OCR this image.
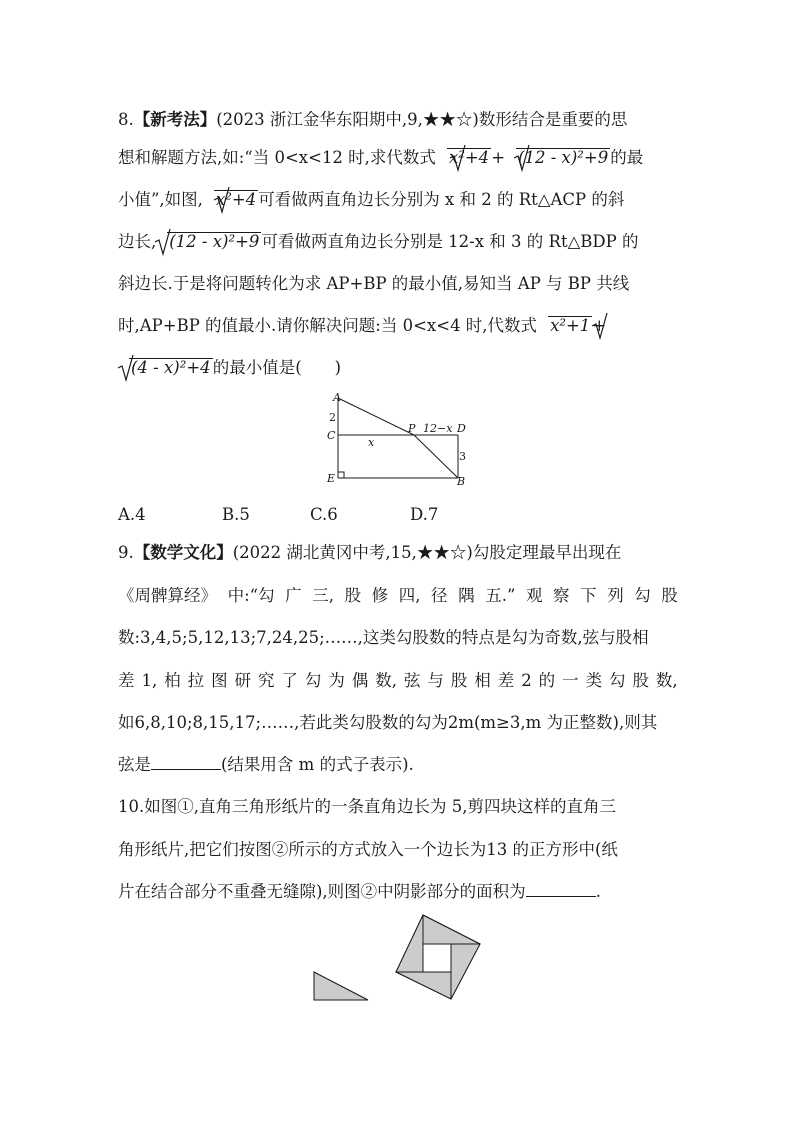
8.【新考法】(2023 浙江金华东阳期中,9,★★☆)数形结合是重要的思
想和解题方法,如:“当 0<x<12 时,求代数式 x²+4 + (12 - x)²+9 的最
小值”,如图, x²+4 可看做两直角边长分别为 x 和 2 的 Rt△ACP 的斜
边长, (12 - x)²+9 可看做两直角边长分别是 12-x 和 3 的 Rt△BDP 的
斜边长.于是将问题转化为求 AP+BP 的最小值,易知当 AP 与 BP 共线
时,AP+BP 的值最小.请你解决问题:当 0<x<4 时,代数式 x²+1 +
(4 - x)²+4 的最小值是(　　)
A
C
E
P	D
B
2
x
12−x
3
A.4	B.5	C.6	D.7
9.【数学文化】(2022 湖北黄冈中考,15,★★☆)勾股定理最早出现在
《周髀算经》 中:“勾 广 三, 股 修 四, 径 隅 五.” 观 察 下 列 勾 股
数:3,4,5;5,12,13;7,24,25;……,这类勾股数的特点是勾为奇数,弦与股相
差 1, 柏 拉 图 研 究 了 勾 为 偶 数, 弦 与 股 相 差 2 的 一 类 勾 股 数,
如6,8,10;8,15,17;……,若此类勾股数的勾为2m(m≥3,m 为正整数),则其
弦是	(结果用含 m 的式子表示).
10.如图①,直角三角形纸片的一条直角边长为 5,剪四块这样的直角三
角形纸片,把它们按图②所示的方式放入一个边长为13 的正方形中(纸
片在结合部分不重叠无缝隙),则图②中阴影部分的面积为	.
